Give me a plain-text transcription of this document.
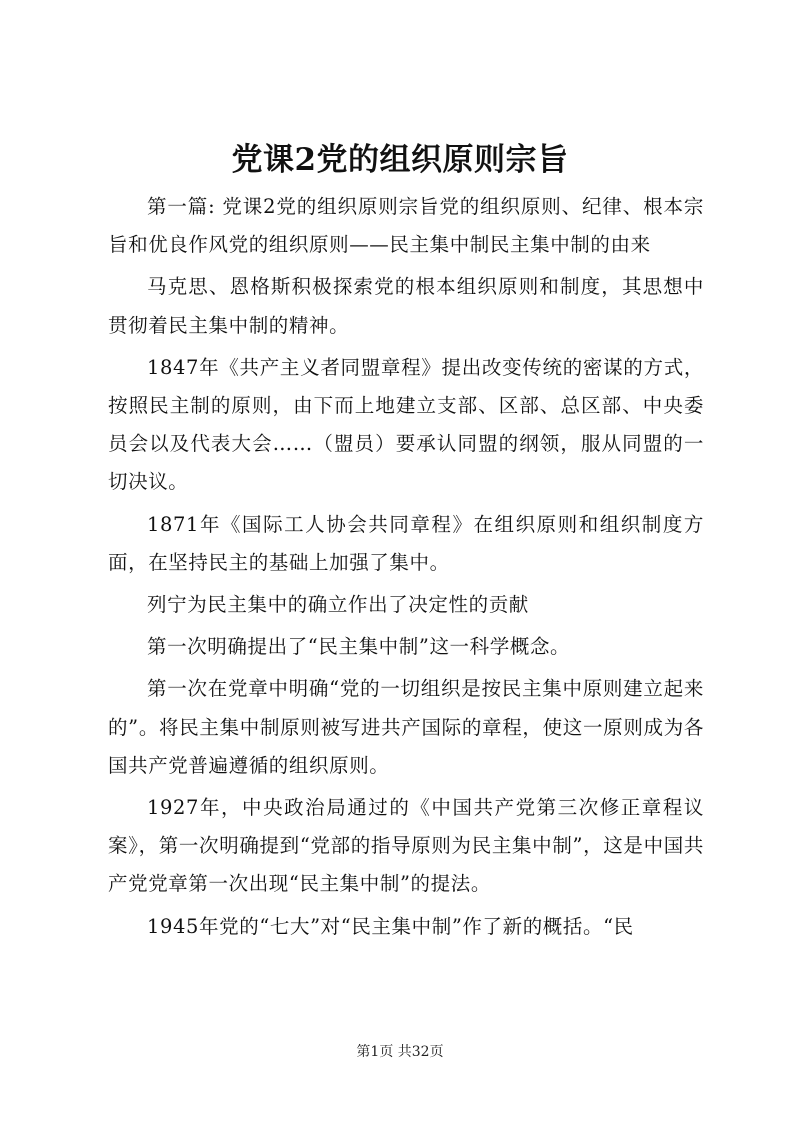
党课2党的组织原则宗旨

第一篇: 党课2党的组织原则宗旨党的组织原则、纪律、根本宗旨和优良作风党的组织原则——民主集中制民主集中制的由来

马克思、恩格斯积极探索党的根本组织原则和制度，其思想中贯彻着民主集中制的精神。

1847年《共产主义者同盟章程》提出改变传统的密谋的方式，按照民主制的原则，由下而上地建立支部、区部、总区部、中央委员会以及代表大会……（盟员）要承认同盟的纲领，服从同盟的一切决议。

1871年《国际工人协会共同章程》在组织原则和组织制度方面，在坚持民主的基础上加强了集中。

列宁为民主集中的确立作出了决定性的贡献

第一次明确提出了“民主集中制”这一科学概念。

第一次在党章中明确“党的一切组织是按民主集中原则建立起来的”。将民主集中制原则被写进共产国际的章程，使这一原则成为各国共产党普遍遵循的组织原则。

1927年，中央政治局通过的《中国共产党第三次修正章程议案》，第一次明确提到“党部的指导原则为民主集中制”，这是中国共产党党章第一次出现“民主集中制”的提法。

1945年党的“七大”对“民主集中制”作了新的概括。“民

第1页 共32页
